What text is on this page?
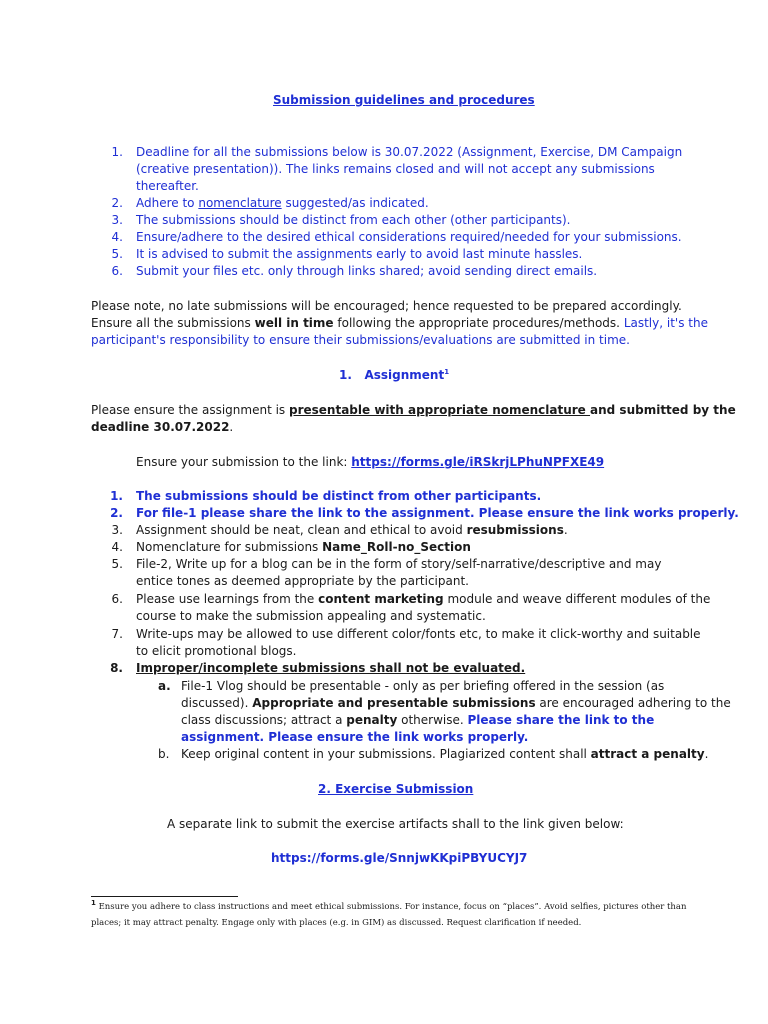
Submission guidelines and procedures
1. Deadline for all the submissions below is 30.07.2022 (Assignment, Exercise, DM Campaign
(creative presentation)). The links remains closed and will not accept any submissions
thereafter.
2. Adhere to nomenclature suggested/as indicated.
3. The submissions should be distinct from each other (other participants).
4. Ensure/adhere to the desired ethical considerations required/needed for your submissions.
5. It is advised to submit the assignments early to avoid last minute hassles.
6. Submit your files etc. only through links shared; avoid sending direct emails.
Please note, no late submissions will be encouraged; hence requested to be prepared accordingly.
Ensure all the submissions well in time following the appropriate procedures/methods. Lastly, it's the
participant's responsibility to ensure their submissions/evaluations are submitted in time.
1. Assignment$^1$
Please ensure the assignment is presentable with appropriate nomenclature and submitted by the
deadline 30.07.2022.
Ensure your submission to the link: https://forms.gle/iRSkrjLPhuNPFXE49
1. The submissions should be distinct from other participants.
2. For file-1 please share the link to the assignment. Please ensure the link works properly.
3. Assignment should be neat, clean and ethical to avoid resubmissions.
4. Nomenclature for submissions Name_Roll-no_Section
5. File-2, Write up for a blog can be in the form of story/self-narrative/descriptive and may
entice tones as deemed appropriate by the participant.
6. Please use learnings from the content marketing module and weave different modules of the
course to make the submission appealing and systematic.
7. Write-ups may be allowed to use different color/fonts etc, to make it click-worthy and suitable
to elicit promotional blogs.
8. Improper/incomplete submissions shall not be evaluated.
a. File-1 Vlog should be presentable - only as per briefing offered in the session (as
discussed). Appropriate and presentable submissions are encouraged adhering to the
class discussions; attract a penalty otherwise. Please share the link to the
assignment. Please ensure the link works properly.
b. Keep original content in your submissions. Plagiarized content shall attract a penalty.
2. Exercise Submission
A separate link to submit the exercise artifacts shall to the link given below:
https://forms.gle/SnnjwKKpiPBYUCYJ7
$^1$ Ensure you adhere to class instructions and meet ethical submissions. For instance, focus on “places”. Avoid selfies, pictures other than
places; it may attract penalty. Engage only with places (e.g. in GIM) as discussed. Request clarification if needed.
